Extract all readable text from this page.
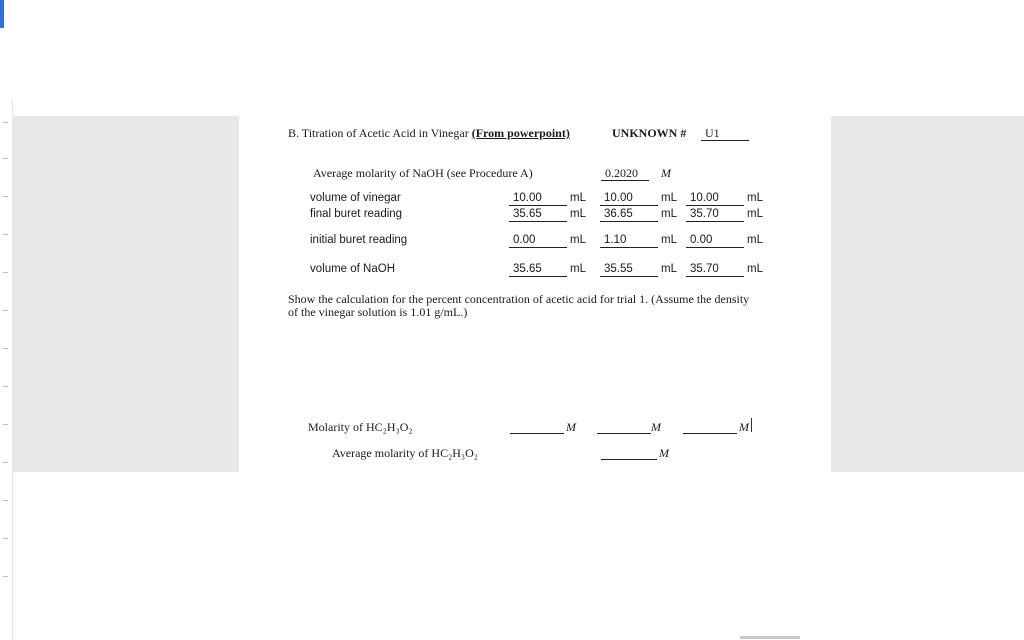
B. Titration of Acetic Acid in Vinegar (From powerpoint)	UNKNOWN #	U1
Average molarity of NaOH (see Procedure A)	0.2020	M
volume of vinegar	10.00	mL	10.00	mL	10.00	mL
final buret reading	35.65	mL	36.65	mL	35.70	mL
initial buret reading	0.00	mL	1.10	mL	0.00	mL
volume of NaOH	35.65	mL	35.55	mL	35.70	mL
Show the calculation for the percent concentration of acetic acid for trial 1. (Assume the density
of the vinegar solution is 1.01 g/mL.)
Molarity of HC₂H₃O₂	M	M	M
Average molarity of HC₂H₃O₂	M
